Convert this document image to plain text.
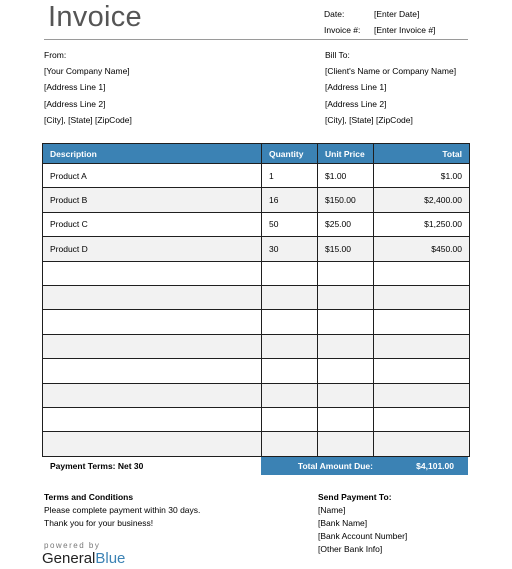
Invoice	Date:	[Enter Date]
Invoice #: [Enter Invoice #]
From:
[Your Company Name]
[Address Line 1]
[Address Line 2]
[City], [State] [ZipCode]
Bill To:
[Client's Name or Company Name]
[Address Line 1]
[Address Line 2]
[City], [State] [ZipCode]
Description	Quantity	Unit Price	Total
Product A	1	$1.00	$1.00
Product B	16	$150.00	$2,400.00
Product C	50	$25.00	$1,250.00
Product D	30	$15.00	$450.00

Payment Terms: Net 30	Total Amount Due:	$4,101.00
Terms and Conditions
Please complete payment within 30 days.
Thank you for your business!
Send Payment To:
[Name]
[Bank Name]
[Bank Account Number]
[Other Bank Info]
powered by
GeneralBlue
